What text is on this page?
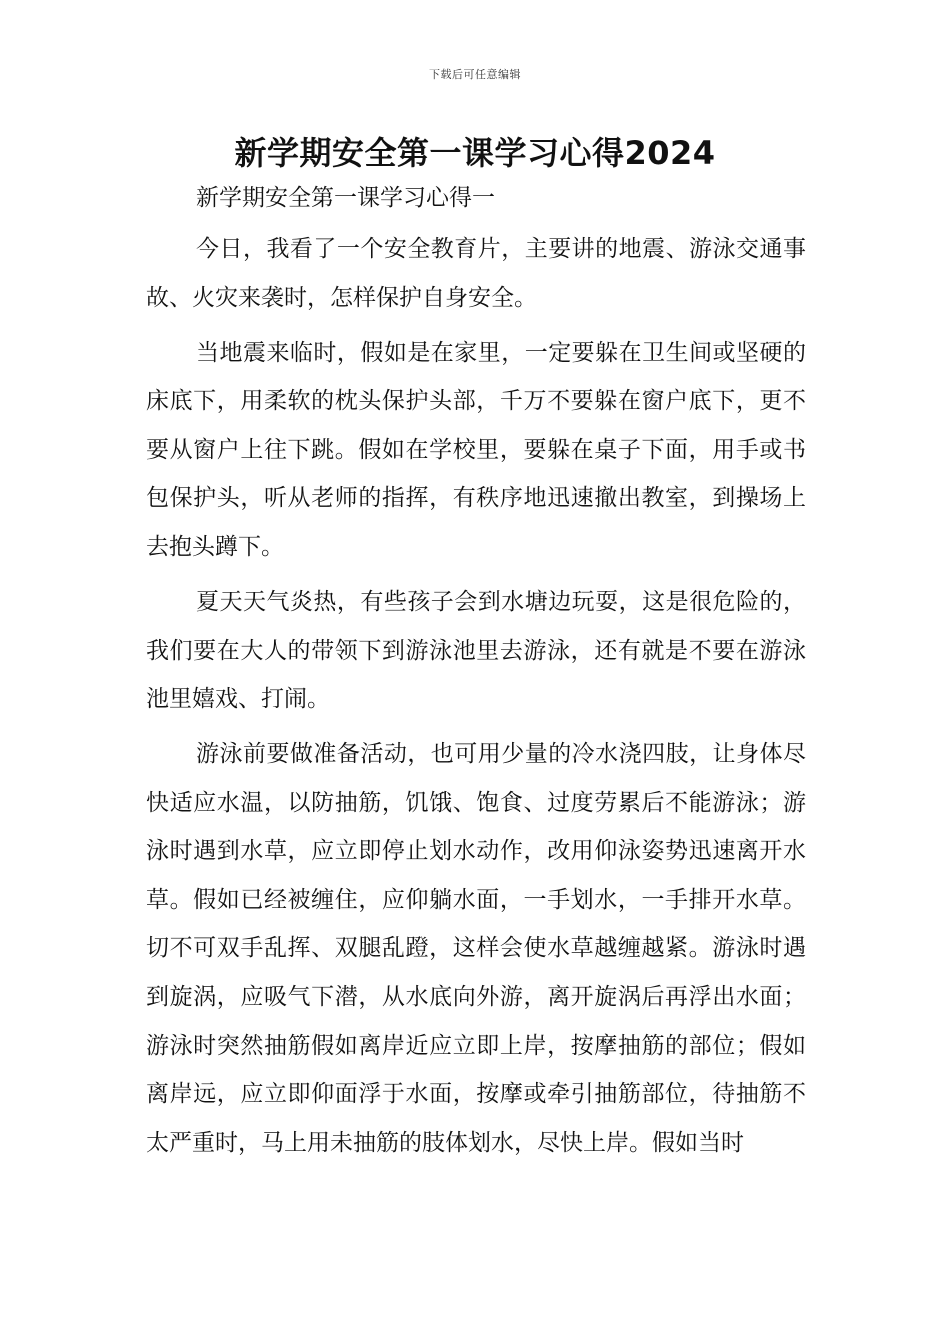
下载后可任意编辑
新学期安全第一课学习心得2024
新学期安全第一课学习心得一

今日，我看了一个安全教育片，主要讲的地震、游泳交通事故、火灾来袭时，怎样保护自身安全。

当地震来临时，假如是在家里，一定要躲在卫生间或坚硬的床底下，用柔软的枕头保护头部，千万不要躲在窗户底下，更不要从窗户上往下跳。假如在学校里，要躲在桌子下面，用手或书包保护头，听从老师的指挥，有秩序地迅速撤出教室，到操场上去抱头蹲下。

夏天天气炎热，有些孩子会到水塘边玩耍，这是很危险的，我们要在大人的带领下到游泳池里去游泳，还有就是不要在游泳池里嬉戏、打闹。

游泳前要做准备活动，也可用少量的冷水浇四肢，让身体尽快适应水温，以防抽筋，饥饿、饱食、过度劳累后不能游泳；游泳时遇到水草，应立即停止划水动作，改用仰泳姿势迅速离开水草。假如已经被缠住，应仰躺水面，一手划水，一手排开水草。切不可双手乱挥、双腿乱蹬，这样会使水草越缠越紧。游泳时遇到旋涡，应吸气下潜，从水底向外游，离开旋涡后再浮出水面；游泳时突然抽筋假如离岸近应立即上岸，按摩抽筋的部位；假如离岸远，应立即仰面浮于水面，按摩或牵引抽筋部位，待抽筋不太严重时，马上用未抽筋的肢体划水，尽快上岸。假如当时
